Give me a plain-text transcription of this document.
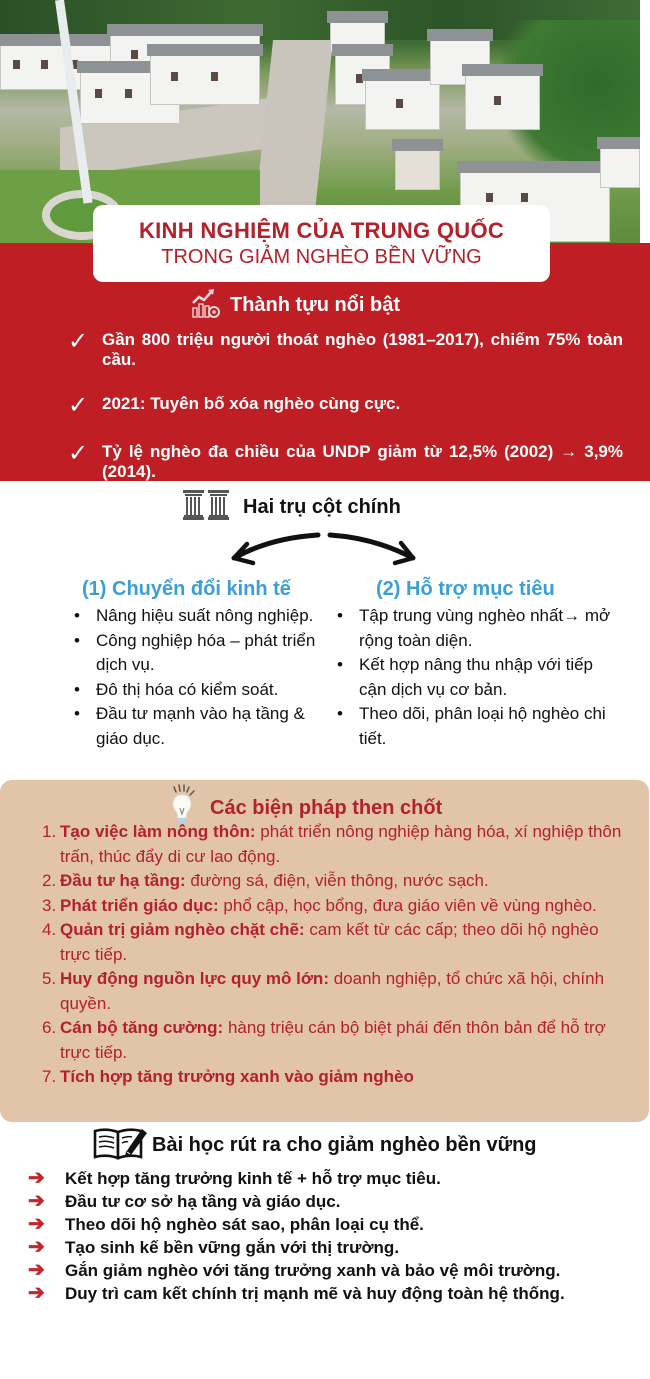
KINH NGHIỆM CỦA TRUNG QUỐC
TRONG GIẢM NGHÈO BỀN VỮNG
Thành tựu nổi bật
✓ Gần 800 triệu người thoát nghèo (1981–2017), chiếm 75% toàn cầu.
✓ 2021: Tuyên bố xóa nghèo cùng cực.
✓ Tỷ lệ nghèo đa chiều của UNDP giảm từ 12,5% (2002) → 3,9% (2014).
Hai trụ cột chính
(1) Chuyển đổi kinh tế
• Nâng hiệu suất nông nghiệp.
• Công nghiệp hóa – phát triển dịch vụ.
• Đô thị hóa có kiểm soát.
• Đầu tư mạnh vào hạ tầng & giáo dục.
(2) Hỗ trợ mục tiêu
• Tập trung vùng nghèo nhất→ mở rộng toàn diện.
• Kết hợp nâng thu nhập với tiếp cận dịch vụ cơ bản.
• Theo dõi, phân loại hộ nghèo chi tiết.
Các biện pháp then chốt
1. Tạo việc làm nông thôn: phát triển nông nghiệp hàng hóa, xí nghiệp thôn trấn, thúc đẩy di cư lao động.
2. Đầu tư hạ tầng: đường sá, điện, viễn thông, nước sạch.
3. Phát triển giáo dục: phổ cập, học bổng, đưa giáo viên về vùng nghèo.
4. Quản trị giảm nghèo chặt chẽ: cam kết từ các cấp; theo dõi hộ nghèo trực tiếp.
5. Huy động nguồn lực quy mô lớn: doanh nghiệp, tổ chức xã hội, chính quyền.
6. Cán bộ tăng cường: hàng triệu cán bộ biệt phái đến thôn bản để hỗ trợ trực tiếp.
7. Tích hợp tăng trưởng xanh vào giảm nghèo
Bài học rút ra cho giảm nghèo bền vững
➔	Kết hợp tăng trưởng kinh tế + hỗ trợ mục tiêu.
➔	Đầu tư cơ sở hạ tầng và giáo dục.
➔	Theo dõi hộ nghèo sát sao, phân loại cụ thể.
➔	Tạo sinh kế bền vững gắn với thị trường.
➔	Gắn giảm nghèo với tăng trưởng xanh và bảo vệ môi trường.
➔	Duy trì cam kết chính trị mạnh mẽ và huy động toàn hệ thống.
